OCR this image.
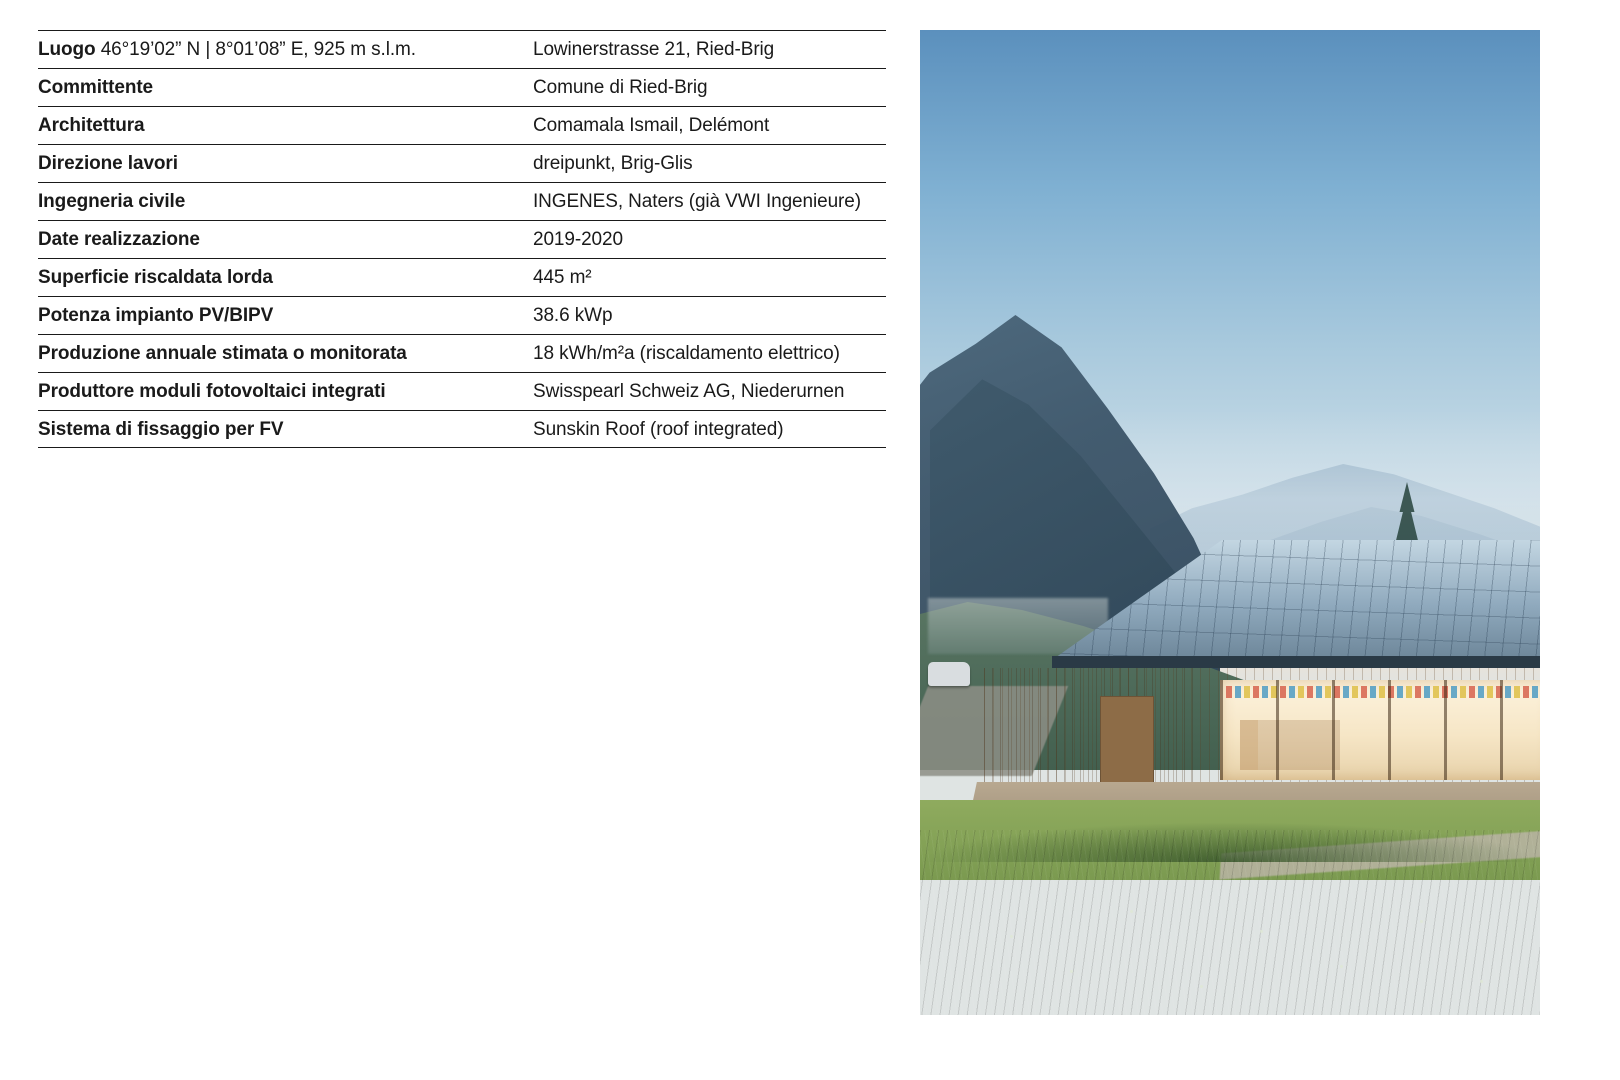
Luogo 46°19’02” N | 8°01’08” E, 925 m s.l.m.	Lowinerstrasse 21, Ried-Brig
Committente	Comune di Ried-Brig
Architettura	Comamala Ismail, Delémont
Direzione lavori	dreipunkt, Brig-Glis
Ingegneria civile	INGENES, Naters (già VWI Ingenieure)
Date realizzazione	2019-2020
Superficie riscaldata lorda	445 m²
Potenza impianto PV/BIPV	38.6 kWp
Produzione annuale stimata o monitorata	18 kWh/m²a (riscaldamento elettrico)
Produttore moduli fotovoltaici integrati	Swisspearl Schweiz AG, Niederurnen
Sistema di fissaggio per FV	Sunskin Roof (roof integrated)
